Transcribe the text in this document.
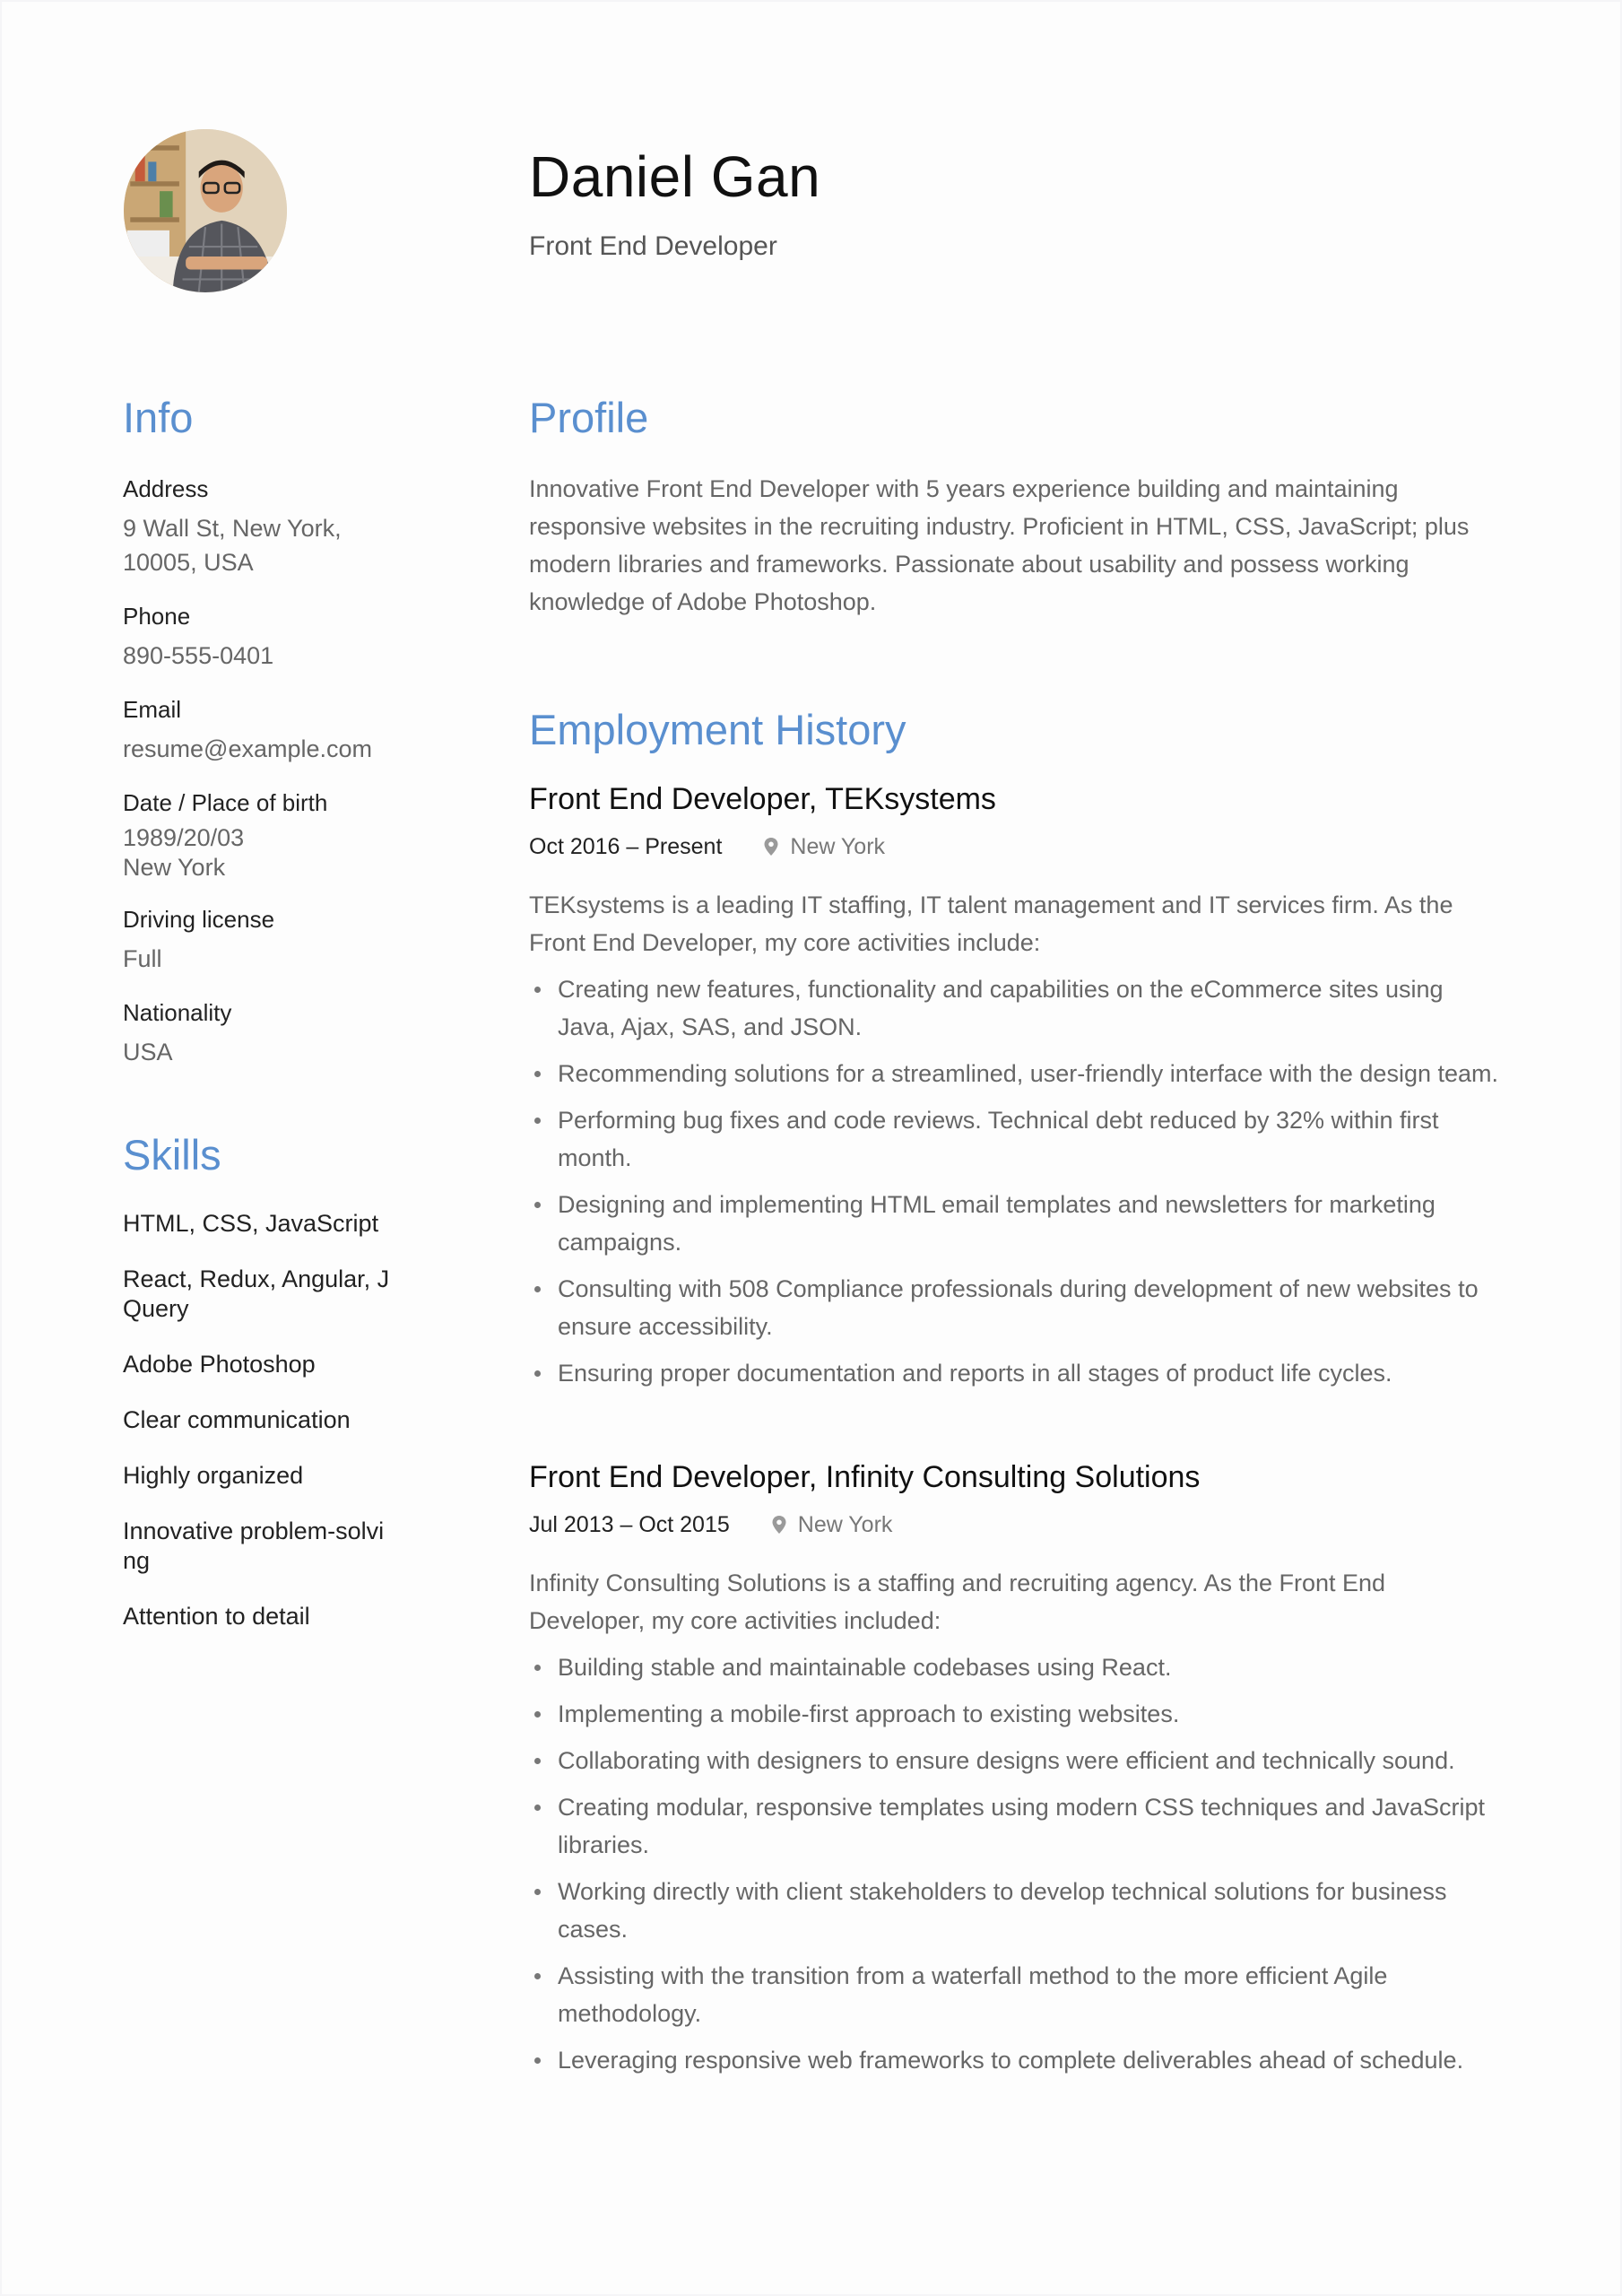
Daniel Gan
Front End Developer
Info

Address

9 Wall St, New York,
10005, USA

Phone

890-555-0401

Email

resume@example.com

Date / Place of birth

1989/20/03
New York

Driving license

Full

Nationality

USA

Skills
HTML, CSS, JavaScript
React, Redux, Angular, J
Query
Adobe Photoshop
Clear communication
Highly organized
Innovative problem-solvi
ng
Attention to detail
Profile

Innovative Front End Developer with 5 years experience building and maintaining responsive websites in the recruiting industry. Proficient in HTML, CSS, JavaScript; plus modern libraries and frameworks. Passionate about usability and possess working knowledge of Adobe Photoshop.

Employment History
Front End Developer, TEKsystems
Oct 2016 – Present	New York

TEKsystems is a leading IT staffing, IT talent management and IT services firm. As the Front End Developer, my core activities include:

Creating new features, functionality and capabilities on the eCommerce sites using Java, Ajax, SAS, and JSON.
Recommending solutions for a streamlined, user-friendly interface with the design team.
Performing bug fixes and code reviews. Technical debt reduced by 32% within first month.
Designing and implementing HTML email templates and newsletters for marketing campaigns.
Consulting with 508 Compliance professionals during development of new websites to ensure accessibility.
Ensuring proper documentation and reports in all stages of product life cycles.
Front End Developer, Infinity Consulting Solutions
Jul 2013 – Oct 2015	New York

Infinity Consulting Solutions is a staffing and recruiting agency. As the Front End Developer, my core activities included:

Building stable and maintainable codebases using React.
Implementing a mobile-first approach to existing websites.
Collaborating with designers to ensure designs were efficient and technically sound.
Creating modular, responsive templates using modern CSS techniques and JavaScript libraries.
Working directly with client stakeholders to develop technical solutions for business cases.
Assisting with the transition from a waterfall method to the more efficient Agile methodology.
Leveraging responsive web frameworks to complete deliverables ahead of schedule.
